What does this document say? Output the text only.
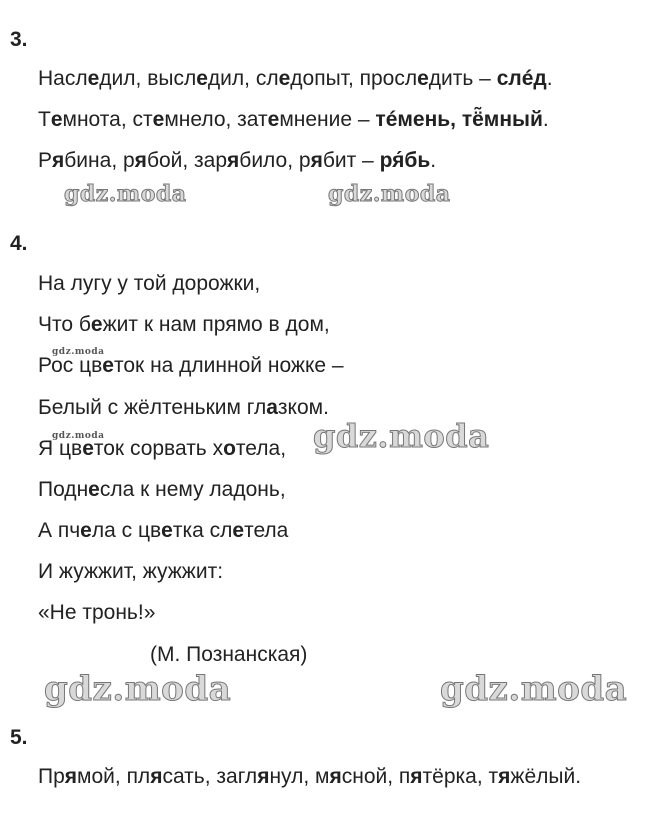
3.
Наследил, выследил, следопыт, проследить – слéд.
Темнота, стемнело, затемнение – тéмень, тё̃мный.
Рябина, рябой, зарябило, рябит – ря́бь.
4.
На лугу у той дорожки,
Что бежит к нам прямо в дом,
Рос цветок на длинной ножке –
Белый с жёлтеньким глазком.
Я цветок сорвать хотела,
Поднесла к нему ладонь,
А пчела с цветка слетела
И жужжит, жужжит:
«Не тронь!»
(М. Познанская)
5.
Прямой, плясать, заглянул, мясной, пятёрка, тяжёлый.
gdz.moda	gdz.moda
gdz.moda
gdz.moda	gdz.moda
gdz.moda	gdz.moda
